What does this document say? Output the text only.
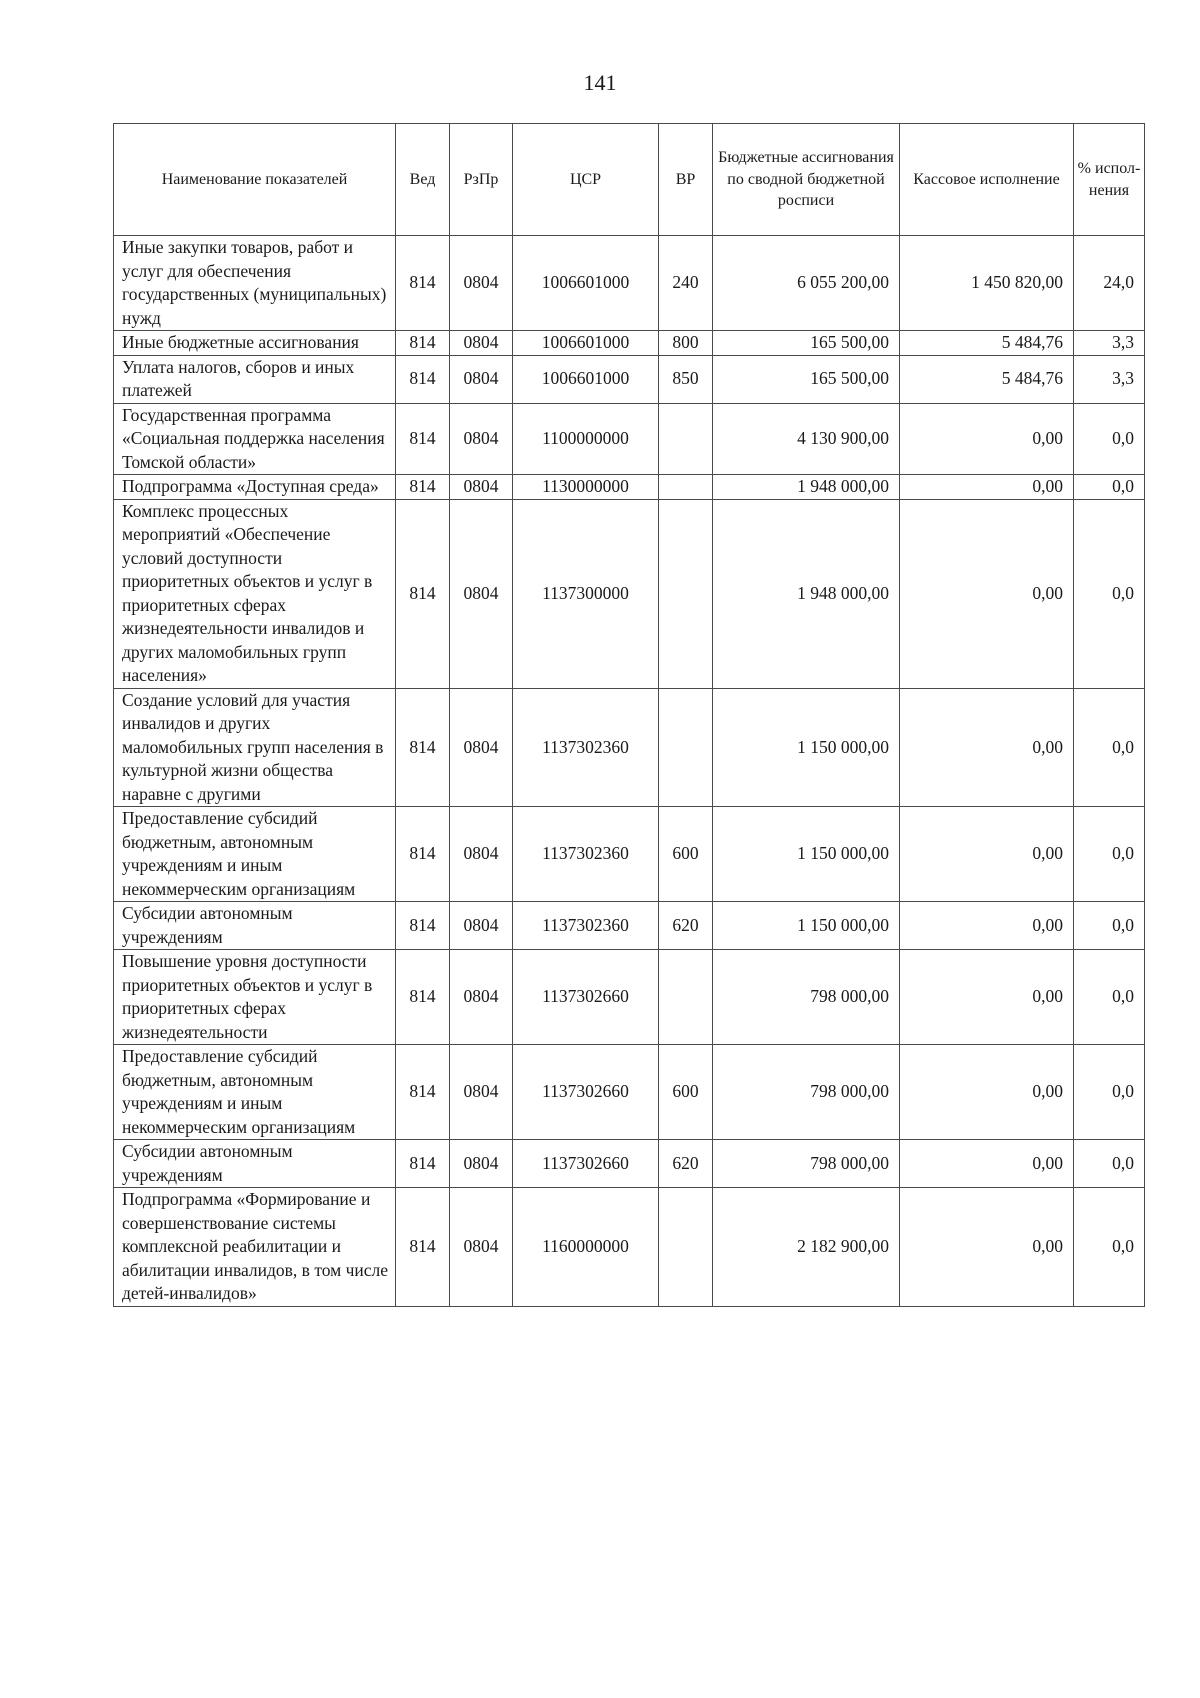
141
Наименование показателей	Вед	РзПр	ЦСР	ВР	Бюджетные ассигнования по сводной бюджетной росписи	Кассовое исполнение	% испол-нения
Иные закупки товаров, работ и услуг для обеспечения государственных (муниципальных) нужд	814	0804	1006601000	240	6 055 200,00	1 450 820,00	24,0
Иные бюджетные ассигнования	814	0804	1006601000	800	165 500,00	5 484,76	3,3
Уплата налогов, сборов и иных платежей	814	0804	1006601000	850	165 500,00	5 484,76	3,3
Государственная программа «Социальная поддержка населения Томской области»	814	0804	1100000000		4 130 900,00	0,00	0,0
Подпрограмма «Доступная среда»	814	0804	1130000000		1 948 000,00	0,00	0,0
Комплекс процессных мероприятий «Обеспечение условий доступности приоритетных объектов и услуг в приоритетных сферах жизнедеятельности инвалидов и других маломобильных групп населения»	814	0804	1137300000		1 948 000,00	0,00	0,0
Создание условий для участия инвалидов и других маломобильных групп населения в культурной жизни общества наравне с другими	814	0804	1137302360		1 150 000,00	0,00	0,0
Предоставление субсидий бюджетным, автономным учреждениям и иным некоммерческим организациям	814	0804	1137302360	600	1 150 000,00	0,00	0,0
Субсидии автономным учреждениям	814	0804	1137302360	620	1 150 000,00	0,00	0,0
Повышение уровня доступности приоритетных объектов и услуг в приоритетных сферах жизнедеятельности	814	0804	1137302660		798 000,00	0,00	0,0
Предоставление субсидий бюджетным, автономным учреждениям и иным некоммерческим организациям	814	0804	1137302660	600	798 000,00	0,00	0,0
Субсидии автономным учреждениям	814	0804	1137302660	620	798 000,00	0,00	0,0
Подпрограмма «Формирование и совершенствование системы комплексной реабилитации и абилитации инвалидов, в том числе детей-инвалидов»	814	0804	1160000000		2 182 900,00	0,00	0,0
